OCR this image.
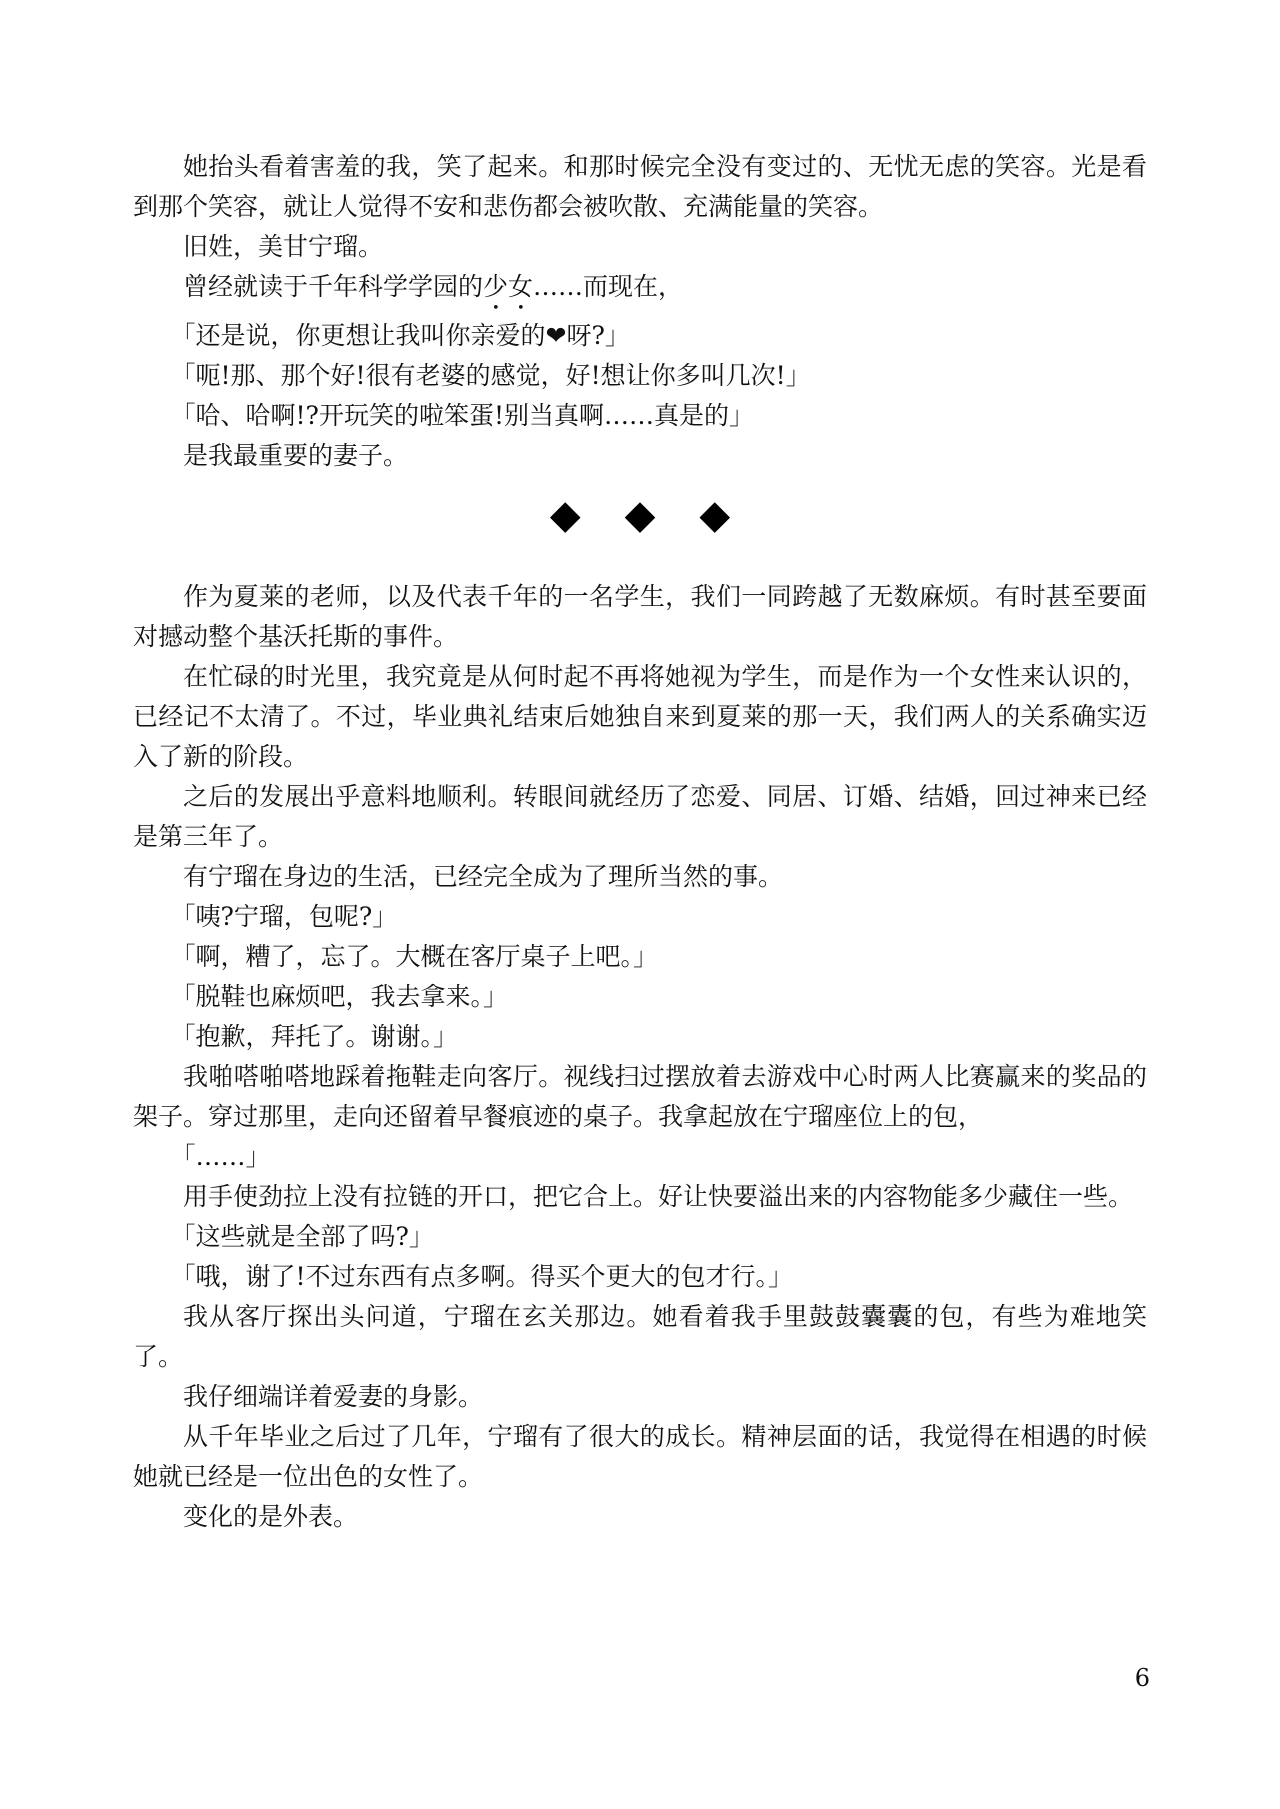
她抬头看着害羞的我，笑了起来。和那时候完全没有变过的、无忧无虑的笑容。光是看到那个笑容，就让人觉得不安和悲伤都会被吹散、充满能量的笑容。

旧姓，美甘宁瑠。

曾经就读于千年科学学园的少女……而现在，

「还是说，你更想让我叫你亲爱的❤呀?」

「呃!那、那个好!很有老婆的感觉，好!想让你多叫几次!」

「哈、哈啊!?开玩笑的啦笨蛋!别当真啊……真是的」

是我最重要的妻子。

◆◆◆

作为夏莱的老师，以及代表千年的一名学生，我们一同跨越了无数麻烦。有时甚至要面对撼动整个基沃托斯的事件。

在忙碌的时光里，我究竟是从何时起不再将她视为学生，而是作为一个女性来认识的，已经记不太清了。不过，毕业典礼结束后她独自来到夏莱的那一天，我们两人的关系确实迈入了新的阶段。

之后的发展出乎意料地顺利。转眼间就经历了恋爱、同居、订婚、结婚，回过神来已经是第三年了。

有宁瑠在身边的生活，已经完全成为了理所当然的事。

「咦?宁瑠，包呢?」

「啊，糟了，忘了。大概在客厅桌子上吧。」

「脱鞋也麻烦吧，我去拿来。」

「抱歉，拜托了。谢谢。」

我啪嗒啪嗒地踩着拖鞋走向客厅。视线扫过摆放着去游戏中心时两人比赛赢来的奖品的架子。穿过那里，走向还留着早餐痕迹的桌子。我拿起放在宁瑠座位上的包，

「……」

用手使劲拉上没有拉链的开口，把它合上。好让快要溢出来的内容物能多少藏住一些。

「这些就是全部了吗?」

「哦，谢了!不过东西有点多啊。得买个更大的包才行。」

我从客厅探出头问道，宁瑠在玄关那边。她看着我手里鼓鼓囊囊的包，有些为难地笑了。

我仔细端详着爱妻的身影。

从千年毕业之后过了几年，宁瑠有了很大的成长。精神层面的话，我觉得在相遇的时候她就已经是一位出色的女性了。

变化的是外表。

6
